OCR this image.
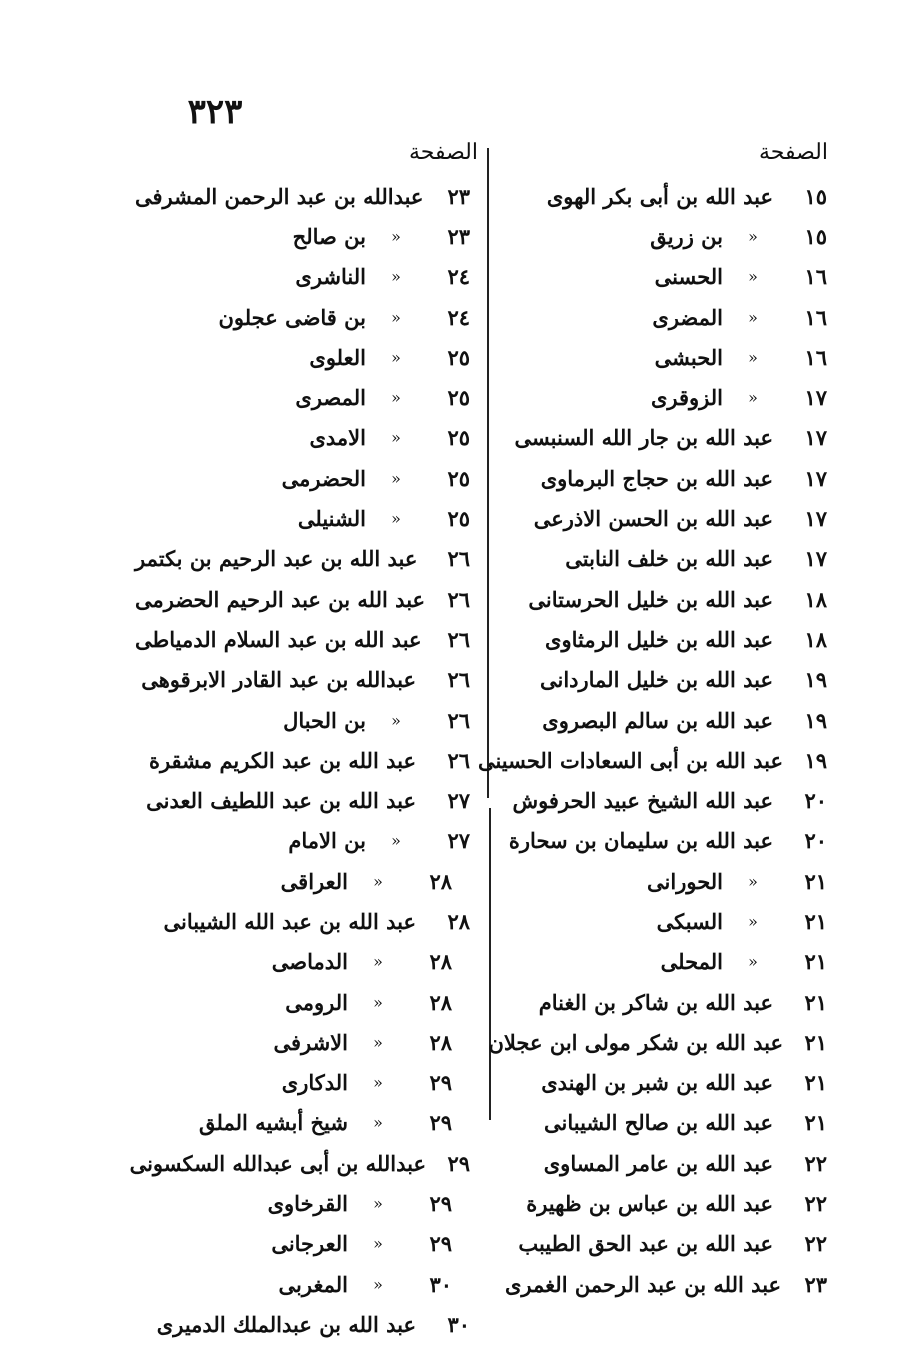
٣٢٣
الصفحة
الصفحة
١٥
عبد الله بن أبى بكر الهوى
١٥
«
بن زريق
١٦
«
الحسنى
١٦
«
المضرى
١٦
«
الحبشى
١٧
«
الزوقرى
١٧
عبد الله بن جار الله السنبسى
١٧
عبد الله بن حجاج البرماوى
١٧
عبد الله بن الحسن الاذرعى
١٧
عبد الله بن خلف النابتى
١٨
عبد الله بن خليل الحرستانى
١٨
عبد الله بن خليل الرمثاوى
١٩
عبد الله بن خليل الماردانى
١٩
عبد الله بن سالم البصروى
١٩
عبد الله بن أبى السعادات الحسينى
٢٠
عبد الله الشيخ عبيد الحرفوش
٢٠
عبد الله بن سليمان بن سحارة
٢١
«
الحورانى
٢١
«
السبكى
٢١
«
المحلى
٢١
عبد الله بن شاكر بن الغنام
٢١
عبد الله بن شكر مولى ابن عجلان
٢١
عبد الله بن شبر بن الهندى
٢١
عبد الله بن صالح الشيبانى
٢٢
عبد الله بن عامر المساوى
٢٢
عبد الله بن عباس بن ظهيرة
٢٢
عبد الله بن عبد الحق الطيبب
٢٣
عبد الله بن عبد الرحمن الغمرى
٢٣
عبدالله بن عبد الرحمن المشرفى
٢٣
«
بن صالح
٢٤
«
الناشرى
٢٤
«
بن قاضى عجلون
٢٥
«
العلوى
٢٥
«
المصرى
٢٥
«
الامدى
٢٥
«
الحضرمى
٢٥
«
الشنيلى
٢٦
عبد الله بن عبد الرحيم بن بكتمر
٢٦
عبد الله بن عبد الرحيم الحضرمى
٢٦
عبد الله بن عبد السلام الدمياطى
٢٦
عبدالله بن عبد القادر الابرقوهى
٢٦
«
بن الحبال
٢٦
عبد الله بن عبد الكريم مشقرة
٢٧
عبد الله بن عبد اللطيف العدنى
٢٧
«
بن الامام
٢٨
«
العراقى
٢٨
عبد الله بن عبد الله الشيبانى
٢٨
«
الدماصى
٢٨
«
الرومى
٢٨
«
الاشرفى
٢٩
«
الدكارى
٢٩
«
شيخ أبشيه الملق
٢٩
عبدالله بن أبى عبدالله السكسونى
٢٩
«
القرخاوى
٢٩
«
العرجانى
٣٠
«
المغربى
٣٠
عبد الله بن عبدالملك الدميرى
